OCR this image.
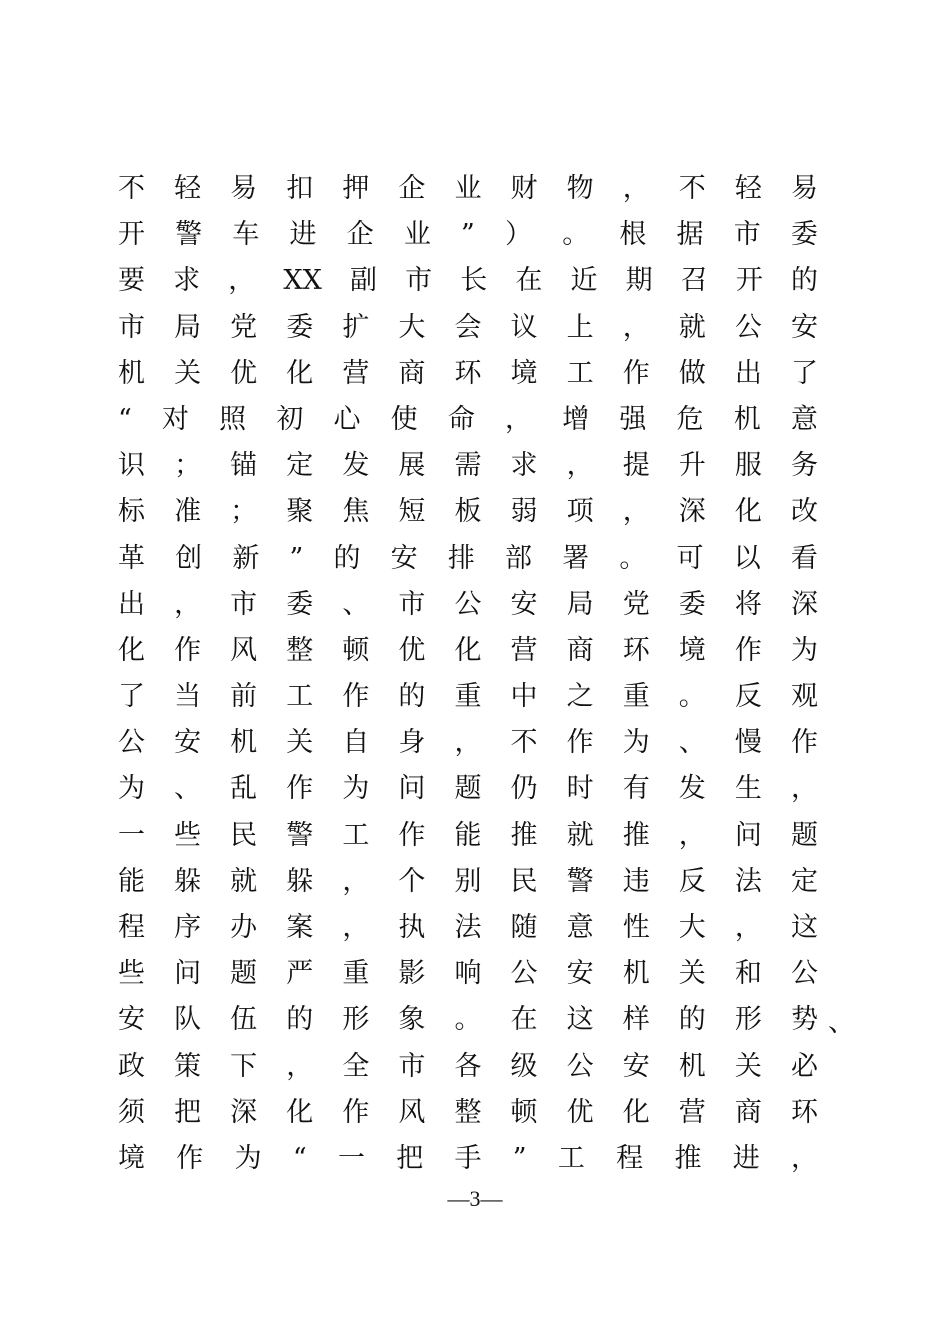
不 轻 易 扣 押 企 业 财 物 ， 不 轻 易
开 警 车 进 企 业 ” ） 。 根 据 市 委
要 求 ， XX 副 市 长 在 近 期 召 开 的
市 局 党 委 扩 大 会 议 上 ， 就 公 安
机 关 优 化 营 商 环 境 工 作 做 出 了
“ 对 照 初 心 使 命 ， 增 强 危 机 意
识 ； 锚 定 发 展 需 求 ， 提 升 服 务
标 准 ； 聚 焦 短 板 弱 项 ， 深 化 改
革 创 新 ” 的 安 排 部 署 。 可 以 看
出 ， 市 委 、 市 公 安 局 党 委 将 深
化 作 风 整 顿 优 化 营 商 环 境 作 为
了 当 前 工 作 的 重 中 之 重 。 反 观
公 安 机 关 自 身 ， 不 作 为 、 慢 作
为 、 乱 作 为 问 题 仍 时 有 发 生 ，
一 些 民 警 工 作 能 推 就 推 ， 问 题
能 躲 就 躲 ， 个 别 民 警 违 反 法 定
程 序 办 案 ， 执 法 随 意 性 大 ， 这
些 问 题 严 重 影 响 公 安 机 关 和 公
安 队 伍 的 形 象 。 在 这 样 的 形 势
政 策 下 ， 全 市 各 级 公 安 机 关 必
须 把 深 化 作 风 整 顿 优 化 营 商 环
境 作 为 “ 一 把 手 ” 工 程 推 进 ，
、
—3—
